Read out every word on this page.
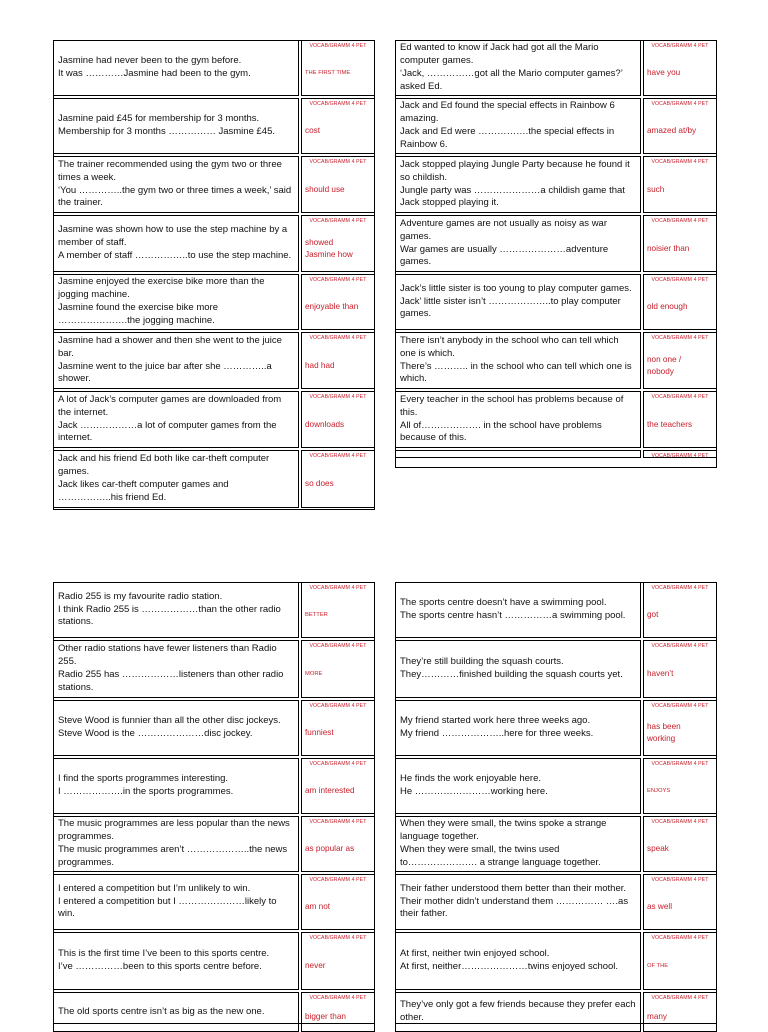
Jasmine had never been to the gym before.
It was …………Jasmine had been to the gym.
VOCAB/GRAMM 4 PET
THE FIRST TIME
Jasmine paid £45 for membership for 3 months.
Membership for 3 months …………… Jasmine £45.
VOCAB/GRAMM 4 PET
cost
The trainer recommended using the gym two or three times a week.
‘You …………..the gym two or three times a week,’ said the trainer.
VOCAB/GRAMM 4 PET
should use
Jasmine was shown how to use the step machine by a member of staff.
A member of staff ……………..to use the step machine.
VOCAB/GRAMM 4 PET
showed
Jasmine how
Jasmine enjoyed the exercise bike more than the jogging machine.
Jasmine found the exercise bike more ………………….the jogging machine.
VOCAB/GRAMM 4 PET
enjoyable than
Jasmine had a shower and then she went to the juice bar.
Jasmine went to the juice bar after she …………..a shower.
VOCAB/GRAMM 4 PET
had had
A lot of Jack’s computer games are downloaded from the internet.
Jack ………………a lot of computer games from the internet.
VOCAB/GRAMM 4 PET
downloads
Jack and his friend Ed both like car-theft computer games.
Jack likes car-theft computer games and ……………..his friend Ed.
VOCAB/GRAMM 4 PET
so does
Ed wanted to know if Jack had got all the Mario computer games.
‘Jack, ……………got all the Mario computer games?’ asked Ed.
VOCAB/GRAMM 4 PET
have you
Jack and Ed found the special effects in Rainbow 6 amazing.
Jack and Ed were …………….the special effects in Rainbow 6.
VOCAB/GRAMM 4 PET
amazed at/by
Jack stopped playing Jungle Party because he found it so childish.
Jungle party was …………………a childish game that Jack stopped playing it.
VOCAB/GRAMM 4 PET
such
Adventure games are not usually as noisy as war games.
War games are usually …………………adventure games.
VOCAB/GRAMM 4 PET
noisier than
Jack’s little sister is too young to play computer games.
Jack’ little sister isn’t ………………..to play computer games.
VOCAB/GRAMM 4 PET
old enough
There isn’t anybody in the school who can tell which one is which.
There’s ……….. in the school who can tell which one is which.
VOCAB/GRAMM 4 PET
non one /
nobody
Every teacher in the school has problems because of this.
All of………………. in the school have problems because of this.
VOCAB/GRAMM 4 PET
the teachers
VOCAB/GRAMM 4 PET
Radio 255 is my favourite radio station.
I think Radio 255 is ………………than the other radio stations.
VOCAB/GRAMM 4 PET
BETTER
Other radio stations have fewer listeners than Radio 255.
Radio 255 has ………………listeners than other radio stations.
VOCAB/GRAMM 4 PET
MORE
Steve Wood is funnier than all the other disc jockeys.
Steve Wood is the …………………disc jockey.
VOCAB/GRAMM 4 PET
funniest
I find the sports programmes interesting.
I ……………….in the sports programmes.
VOCAB/GRAMM 4 PET
am interested
The music programmes are less popular than the news programmes.
The music programmes aren’t ………………..the news programmes.
VOCAB/GRAMM 4 PET
as popular as
I entered a competition but I’m unlikely to win.
I entered a competition but I …………………likely to win.
VOCAB/GRAMM 4 PET
am not
This is the first time I’ve been to this sports centre.
I’ve ……………been to this sports centre before.
VOCAB/GRAMM 4 PET
never
The old sports centre isn’t as big as the new one.
VOCAB/GRAMM 4 PET
bigger than
The sports centre doesn’t have a swimming pool.
The sports centre hasn’t ……………a swimming pool.
VOCAB/GRAMM 4 PET
got
They’re still building the squash courts.
They…………finished building the squash courts yet.
VOCAB/GRAMM 4 PET
haven’t
My friend started work here three weeks ago.
My friend ………………..here for three weeks.
VOCAB/GRAMM 4 PET
has been
working
He finds the work enjoyable here.
He ……………………working here.
VOCAB/GRAMM 4 PET
ENJOYS
When they were small, the twins spoke a strange language together.
When they were small, the twins used to…………………. a strange language together.
VOCAB/GRAMM 4 PET
speak
Their father understood them better than their mother.
Their mother didn’t understand them …………… ….as their father.
VOCAB/GRAMM 4 PET
as well
At first, neither twin enjoyed school.
At first, neither…………………twins enjoyed school.
VOCAB/GRAMM 4 PET
OF THE
They’ve only got a few friends because they prefer each other.
VOCAB/GRAMM 4 PET
many
